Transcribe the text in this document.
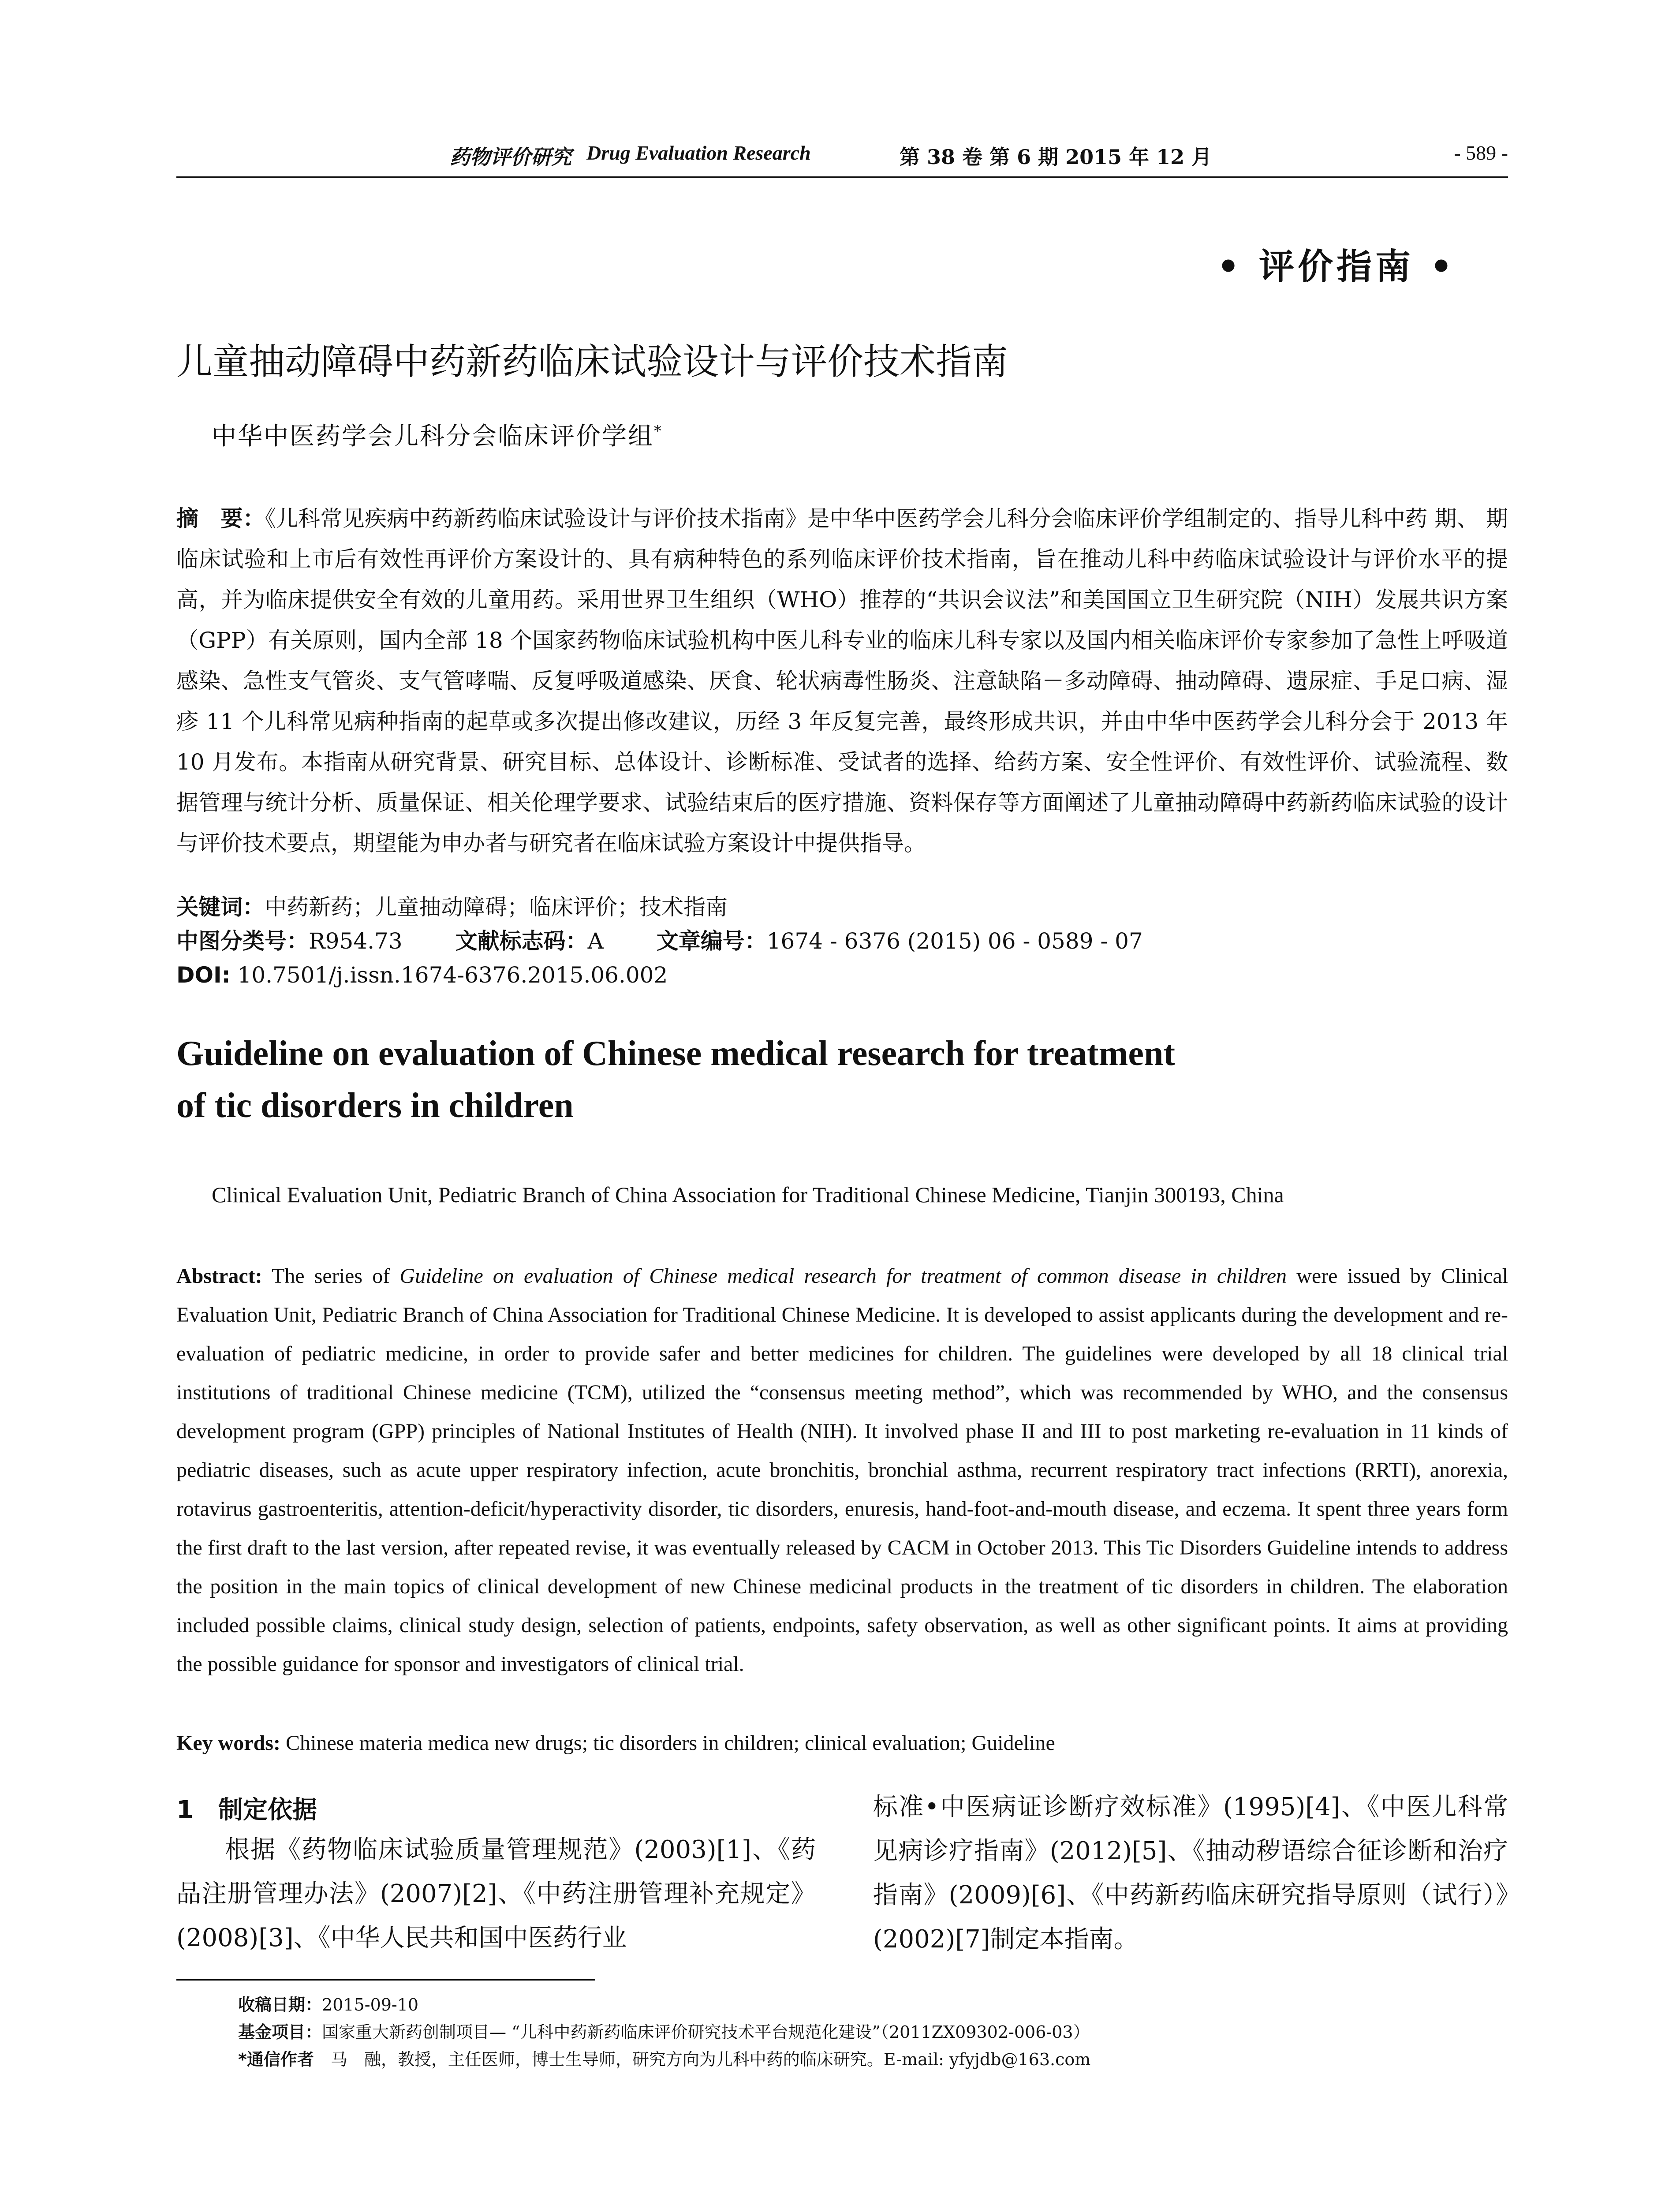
药物评价研究 Drug Evaluation Research	第 38 卷 第 6 期 2015 年 12 月	- 589 -
• 评价指南 •
儿童抽动障碍中药新药临床试验设计与评价技术指南
中华中医药学会儿科分会临床评价学组*
摘　要：《儿科常见疾病中药新药临床试验设计与评价技术指南》是中华中医药学会儿科分会临床评价学组制定的、指导儿科中药 期、 期临床试验和上市后有效性再评价方案设计的、具有病种特色的系列临床评价技术指南，旨在推动儿科中药临床试验设计与评价水平的提高，并为临床提供安全有效的儿童用药。采用世界卫生组织（WHO）推荐的“共识会议法”和美国国立卫生研究院（NIH）发展共识方案（GPP）有关原则，国内全部 18 个国家药物临床试验机构中医儿科专业的临床儿科专家以及国内相关临床评价专家参加了急性上呼吸道感染、急性支气管炎、支气管哮喘、反复呼吸道感染、厌食、轮状病毒性肠炎、注意缺陷－多动障碍、抽动障碍、遗尿症、手足口病、湿疹 11 个儿科常见病种指南的起草或多次提出修改建议，历经 3 年反复完善，最终形成共识，并由中华中医药学会儿科分会于 2013 年 10 月发布。本指南从研究背景、研究目标、总体设计、诊断标准、受试者的选择、给药方案、安全性评价、有效性评价、试验流程、数据管理与统计分析、质量保证、相关伦理学要求、试验结束后的医疗措施、资料保存等方面阐述了儿童抽动障碍中药新药临床试验的设计与评价技术要点，期望能为申办者与研究者在临床试验方案设计中提供指导。
关键词：中药新药；儿童抽动障碍；临床评价；技术指南
中图分类号：R954.73 文献标志码：A 文章编号：1674 - 6376 (2015) 06 - 0589 - 07
DOI: 10.7501/j.issn.1674-6376.2015.06.002
Guideline on evaluation of Chinese medical research for treatment
of tic disorders in children
Clinical Evaluation Unit, Pediatric Branch of China Association for Traditional Chinese Medicine, Tianjin 300193, China
Abstract: The series of Guideline on evaluation of Chinese medical research for treatment of common disease in children were issued by Clinical Evaluation Unit, Pediatric Branch of China Association for Traditional Chinese Medicine. It is developed to assist applicants during the development and re-evaluation of pediatric medicine, in order to provide safer and better medicines for children. The guidelines were developed by all 18 clinical trial institutions of traditional Chinese medicine (TCM), utilized the “consensus meeting method”, which was recommended by WHO, and the consensus development program (GPP) principles of National Institutes of Health (NIH). It involved phase II and III to post marketing re-evaluation in 11 kinds of pediatric diseases, such as acute upper respiratory infection, acute bronchitis, bronchial asthma, recurrent respiratory tract infections (RRTI), anorexia, rotavirus gastroenteritis, attention-deficit/hyperactivity disorder, tic disorders, enuresis, hand-foot-and-mouth disease, and eczema. It spent three years form the first draft to the last version, after repeated revise, it was eventually released by CACM in October 2013. This Tic Disorders Guideline intends to address the position in the main topics of clinical development of new Chinese medicinal products in the treatment of tic disorders in children. The elaboration included possible claims, clinical study design, selection of patients, endpoints, safety observation, as well as other significant points. It aims at providing the possible guidance for sponsor and investigators of clinical trial.
Key words: Chinese materia medica new drugs; tic disorders in children; clinical evaluation; Guideline
1　制定依据
根据《药物临床试验质量管理规范》(2003)[1]、《药品注册管理办法》(2007)[2]、《中药注册管理补充规定》(2008)[3]、《中华人民共和国中医药行业
标准•中医病证诊断疗效标准》(1995)[4]、《中医儿科常见病诊疗指南》(2012)[5]、《抽动秽语综合征诊断和治疗指南》(2009)[6]、《中药新药临床研究指导原则（试行）》(2002)[7]制定本指南。
收稿日期：2015-09-10
基金项目：国家重大新药创制项目— “儿科中药新药临床评价研究技术平台规范化建设”（2011ZX09302-006-03）
*通信作者　 马　融，教授，主任医师，博士生导师，研究方向为儿科中药的临床研究。E-mail: yfyjdb@163.com
